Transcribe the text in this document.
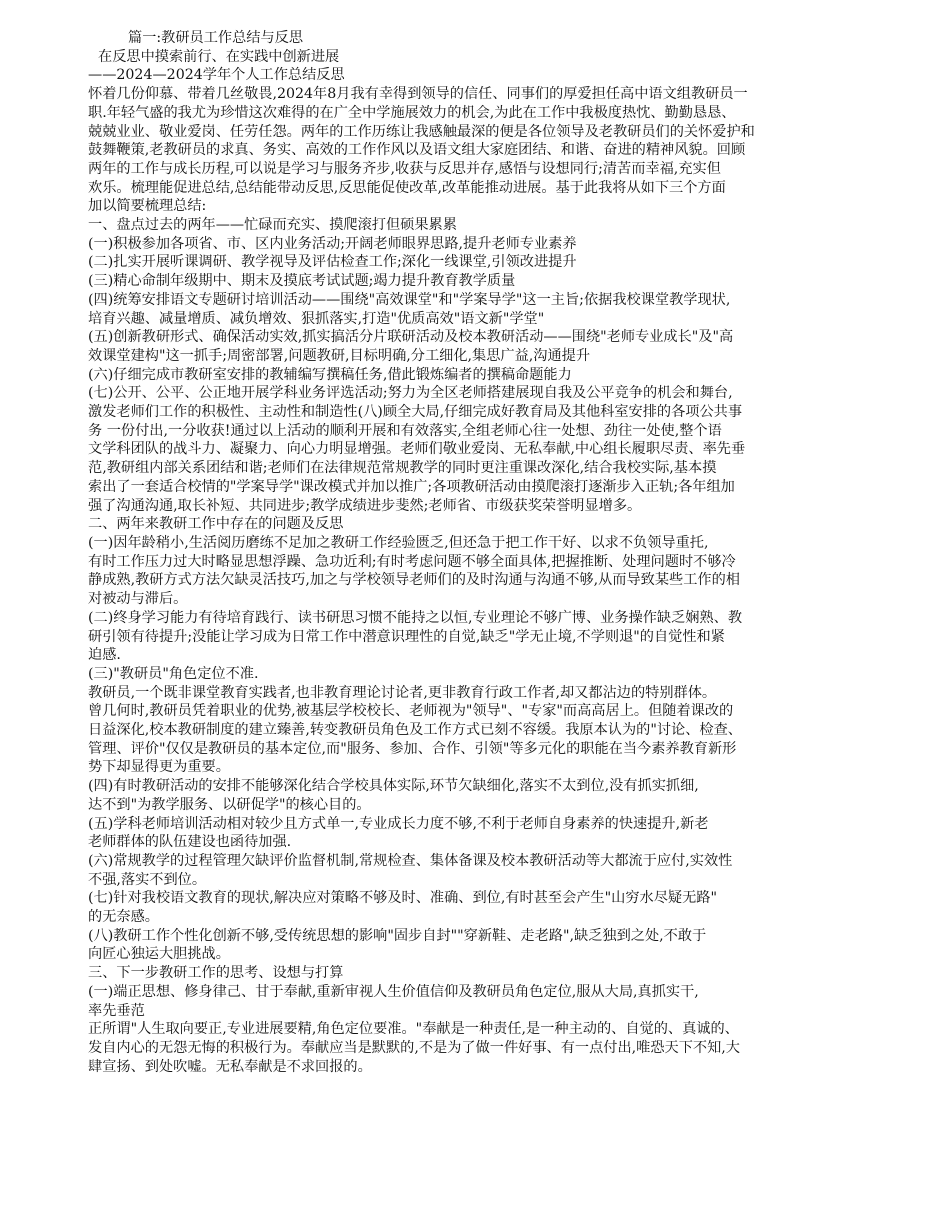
篇一:教研员工作总结与反思
在反思中摸索前行、在实践中创新进展
——2024—2024学年个人工作总结反思
怀着几份仰慕、带着几丝敬畏,2024年8月我有幸得到领导的信任、同事们的厚爱担任高中语文组教研员一
职.年轻气盛的我尤为珍惜这次难得的在广全中学施展效力的机会,为此在工作中我极度热忱、勤勤恳恳、
兢兢业业、敬业爱岗、任劳任怨。两年的工作历练让我感触最深的便是各位领导及老教研员们的关怀爱护和
鼓舞鞭策,老教研员的求真、务实、高效的工作作风以及语文组大家庭团结、和谐、奋进的精神风貌。回顾
两年的工作与成长历程,可以说是学习与服务齐步,收获与反思并存,感悟与设想同行;清苦而幸福,充实但
欢乐。梳理能促进总结,总结能带动反思,反思能促使改革,改革能推动进展。基于此我将从如下三个方面
加以简要梳理总结:
一、盘点过去的两年——忙碌而充实、摸爬滚打但硕果累累
(一)积极参加各项省、市、区内业务活动;开阔老师眼界思路,提升老师专业素养
(二)扎实开展听课调研、教学视导及评估检查工作;深化一线课堂,引领改进提升
(三)精心命制年级期中、期末及摸底考试试题;竭力提升教育教学质量
(四)统筹安排语文专题研讨培训活动——围绕"高效课堂"和"学案导学"这一主旨;依据我校课堂教学现状,
培育兴趣、减量增质、减负增效、狠抓落实,打造"优质高效"语文新"学堂"
(五)创新教研形式、确保活动实效,抓实搞活分片联研活动及校本教研活动——围绕"老师专业成长"及"高
效课堂建构"这一抓手;周密部署,问题教研,目标明确,分工细化,集思广益,沟通提升
(六)仔细完成市教研室安排的教辅编写撰稿任务,借此锻炼编者的撰稿命题能力
(七)公开、公平、公正地开展学科业务评选活动;努力为全区老师搭建展现自我及公平竞争的机会和舞台,
激发老师们工作的积极性、主动性和制造性(八)顾全大局,仔细完成好教育局及其他科室安排的各项公共事
务 一份付出,一分收获!通过以上活动的顺利开展和有效落实,全组老师心往一处想、劲往一处使,整个语
文学科团队的战斗力、凝聚力、向心力明显增强。老师们敬业爱岗、无私奉献,中心组长履职尽责、率先垂
范,教研组内部关系团结和谐;老师们在法律规范常规教学的同时更注重课改深化,结合我校实际,基本摸
索出了一套适合校情的"学案导学"课改模式并加以推广;各项教研活动由摸爬滚打逐渐步入正轨;各年组加
强了沟通沟通,取长补短、共同进步;教学成绩进步斐然;老师省、市级获奖荣誉明显增多。
二、两年来教研工作中存在的问题及反思
(一)因年龄稍小,生活阅历磨练不足加之教研工作经验匮乏,但还急于把工作干好、以求不负领导重托,
有时工作压力过大时略显思想浮躁、急功近利;有时考虑问题不够全面具体,把握推断、处理问题时不够冷
静成熟,教研方式方法欠缺灵活技巧,加之与学校领导老师们的及时沟通与沟通不够,从而导致某些工作的相
对被动与滞后。
(二)终身学习能力有待培育践行、读书研思习惯不能持之以恒,专业理论不够广博、业务操作缺乏娴熟、教
研引领有待提升;没能让学习成为日常工作中潜意识理性的自觉,缺乏"学无止境,不学则退"的自觉性和紧
迫感.
(三)"教研员"角色定位不准.
教研员,一个既非课堂教育实践者,也非教育理论讨论者,更非教育行政工作者,却又都沾边的特别群体。
曾几何时,教研员凭着职业的优势,被基层学校校长、老师视为"领导"、"专家"而高高居上。但随着课改的
日益深化,校本教研制度的建立臻善,转变教研员角色及工作方式已刻不容缓。我原本认为的"讨论、检查、
管理、评价"仅仅是教研员的基本定位,而"服务、参加、合作、引领"等多元化的职能在当今素养教育新形
势下却显得更为重要。
(四)有时教研活动的安排不能够深化结合学校具体实际,环节欠缺细化,落实不太到位,没有抓实抓细,
达不到"为教学服务、以研促学"的核心目的。
(五)学科老师培训活动相对较少且方式单一,专业成长力度不够,不利于老师自身素养的快速提升,新老
老师群体的队伍建设也函待加强.
(六)常规教学的过程管理欠缺评价监督机制,常规检查、集体备课及校本教研活动等大都流于应付,实效性
不强,落实不到位。
(七)针对我校语文教育的现状,解决应对策略不够及时、准确、到位,有时甚至会产生"山穷水尽疑无路"
的无奈感。
(八)教研工作个性化创新不够,受传统思想的影响"固步自封""穿新鞋、走老路",缺乏独到之处,不敢于
向匠心独运大胆挑战。
三、下一步教研工作的思考、设想与打算
(一)端正思想、修身律己、甘于奉献,重新审视人生价值信仰及教研员角色定位,服从大局,真抓实干,
率先垂范
正所谓"人生取向要正,专业进展要精,角色定位要准。"奉献是一种责任,是一种主动的、自觉的、真诚的、
发自内心的无怨无悔的积极行为。奉献应当是默默的,不是为了做一件好事、有一点付出,唯恐天下不知,大
肆宣扬、到处吹嘘。无私奉献是不求回报的。
